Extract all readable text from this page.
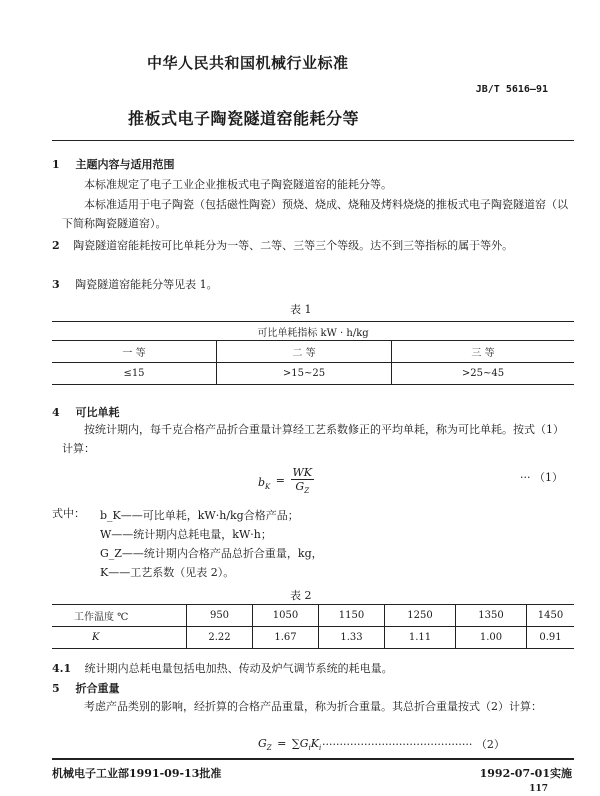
中华人民共和国机械行业标准
JB/T 5616—91
推板式电子陶瓷隧道窑能耗分等
1 主题内容与适用范围
本标准规定了电子工业企业推板式电子陶瓷隧道窑的能耗分等。
本标准适用于电子陶瓷（包括磁性陶瓷）预烧、烧成、烧釉及烤料烧烧的推板式电子陶瓷隧道窑（以下简称陶瓷隧道窑）。
2 陶瓷隧道窑能耗按可比单耗分为一等、二等、三等三个等级。达不到三等指标的属于等外。
3 陶瓷隧道窑能耗分等见表 1。
表 1
可比单耗指标 kW · h/kg		
一 等	二 等	三 等
≤15	>15~25	>25~45
4 可比单耗
按统计期内，每千克合格产品折合重量计算经工艺系数修正的平均单耗，称为可比单耗。按式（1）计算：
$b_K = \frac{WK}{G_Z}$	··· （1）
式中： b_K——可比单耗，kW·h/kg合格产品；
W——统计期内总耗电量，kW·h；
G_Z——统计期内合格产品总折合重量，kg，
K——工艺系数（见表 2）。
表 2
工作温度 ℃	950	1050	1150	1250	1350	1450
K	2.22	1.67	1.33	1.11	1.00	0.91
4.1 统计期内总耗电量包括电加热、传动及炉气调节系统的耗电量。
5 折合重量
考虑产品类别的影响，经折算的合格产品重量，称为折合重量。其总折合重量按式（2）计算：
$G_Z = \sum G_iK_i$ ··········································· （2）
机械电子工业部1991-09-13批准	1992-07-01实施
117
